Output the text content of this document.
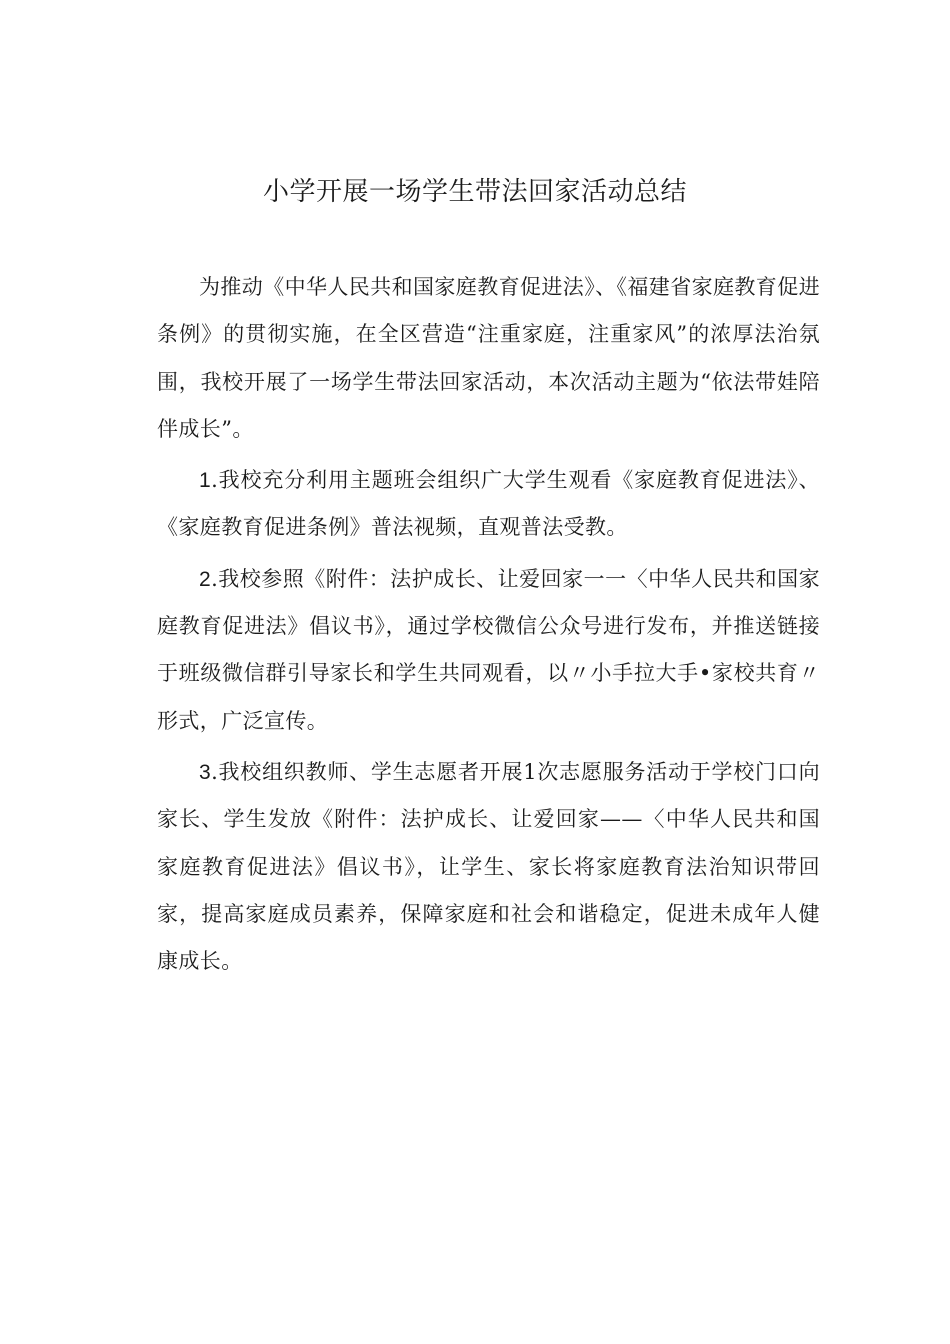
小学开展一场学生带法回家活动总结

为推动《中华人民共和国家庭教育促进法》、《福建省家庭教育促进条例》的贯彻实施，在全区营造“注重家庭，注重家风”的浓厚法治氛围，我校开展了一场学生带法回家活动，本次活动主题为“依法带娃陪伴成长”。

1.我校充分利用主题班会组织广大学生观看《家庭教育促进法》、《家庭教育促进条例》普法视频，直观普法受教。

2.我校参照《附件：法护成长、让爱回家一一〈中华人民共和国家庭教育促进法》倡议书》，通过学校微信公众号进行发布，并推送链接于班级微信群引导家长和学生共同观看，以〃小手拉大手•家校共育〃形式，广泛宣传。

3.我校组织教师、学生志愿者开展1次志愿服务活动于学校门口向家长、学生发放《附件：法护成长、让爱回家——〈中华人民共和国家庭教育促进法》倡议书》，让学生、家长将家庭教育法治知识带回家，提高家庭成员素养，保障家庭和社会和谐稳定，促进未成年人健康成长。
